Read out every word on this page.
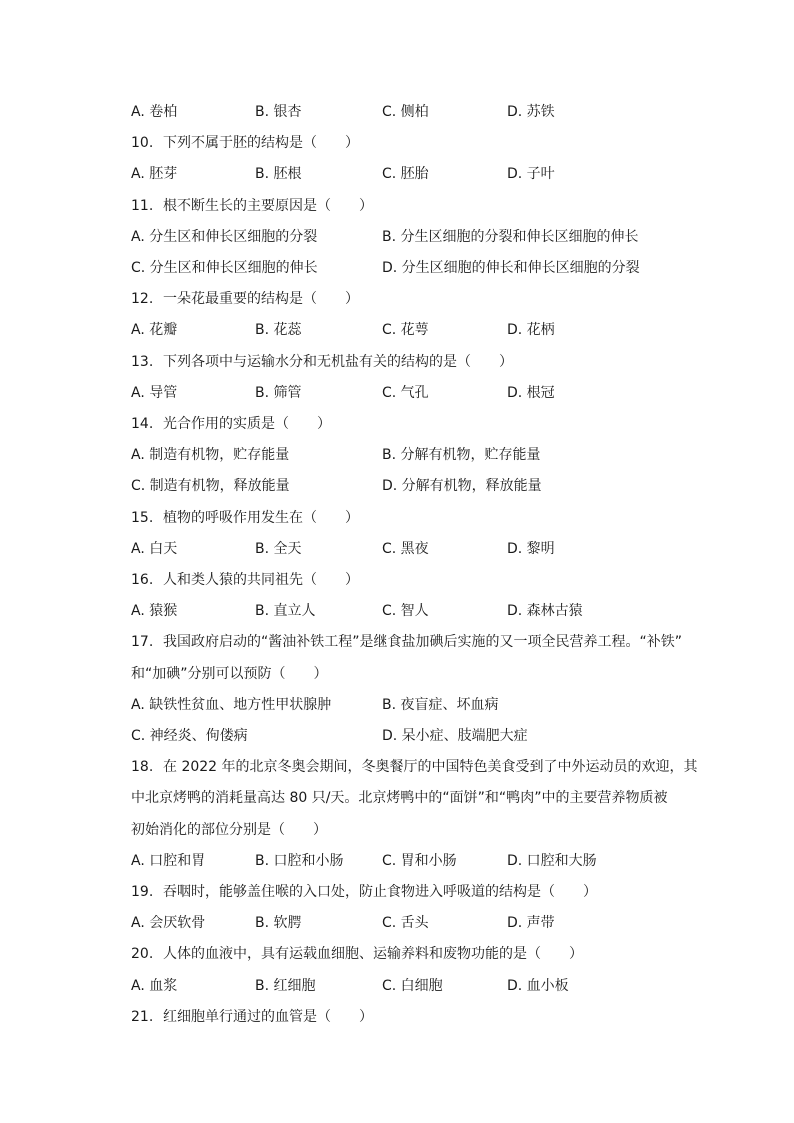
A. 卷柏	B. 银杏	C. 侧柏	D. 苏铁
10. 下列不属于胚的结构是（　　）
A. 胚芽	B. 胚根	C. 胚胎	D. 子叶
11. 根不断生长的主要原因是（　　）
A. 分生区和伸长区细胞的分裂	B. 分生区细胞的分裂和伸长区细胞的伸长
C. 分生区和伸长区细胞的伸长	D. 分生区细胞的伸长和伸长区细胞的分裂
12. 一朵花最重要的结构是（　　）
A. 花瓣	B. 花蕊	C. 花萼	D. 花柄
13. 下列各项中与运输水分和无机盐有关的结构的是（　　）
A. 导管	B. 筛管	C. 气孔	D. 根冠
14. 光合作用的实质是（　　）
A. 制造有机物，贮存能量	B. 分解有机物，贮存能量
C. 制造有机物，释放能量	D. 分解有机物，释放能量
15. 植物的呼吸作用发生在（　　）
A. 白天	B. 全天	C. 黑夜	D. 黎明
16. 人和类人猿的共同祖先（　　）
A. 猿猴	B. 直立人	C. 智人	D. 森林古猿
17. 我国政府启动的“酱油补铁工程”是继食盐加碘后实施的又一项全民营养工程。“补铁”
和“加碘”分别可以预防（　　）
A. 缺铁性贫血、地方性甲状腺肿	B. 夜盲症、坏血病
C. 神经炎、佝偻病	D. 呆小症、肢端肥大症
18. 在 2022 年的北京冬奥会期间，冬奥餐厅的中国特色美食受到了中外运动员的欢迎，其
中北京烤鸭的消耗量高达 80 只/天。北京烤鸭中的“面饼”和“鸭肉”中的主要营养物质被
初始消化的部位分别是（　　）
A. 口腔和胃	B. 口腔和小肠	C. 胃和小肠	D. 口腔和大肠
19. 吞咽时，能够盖住喉的入口处，防止食物进入呼吸道的结构是（　　）
A. 会厌软骨	B. 软腭	C. 舌头	D. 声带
20. 人体的血液中，具有运载血细胞、运输养料和废物功能的是（　　）
A. 血浆	B. 红细胞	C. 白细胞	D. 血小板
21. 红细胞单行通过的血管是（　　）
